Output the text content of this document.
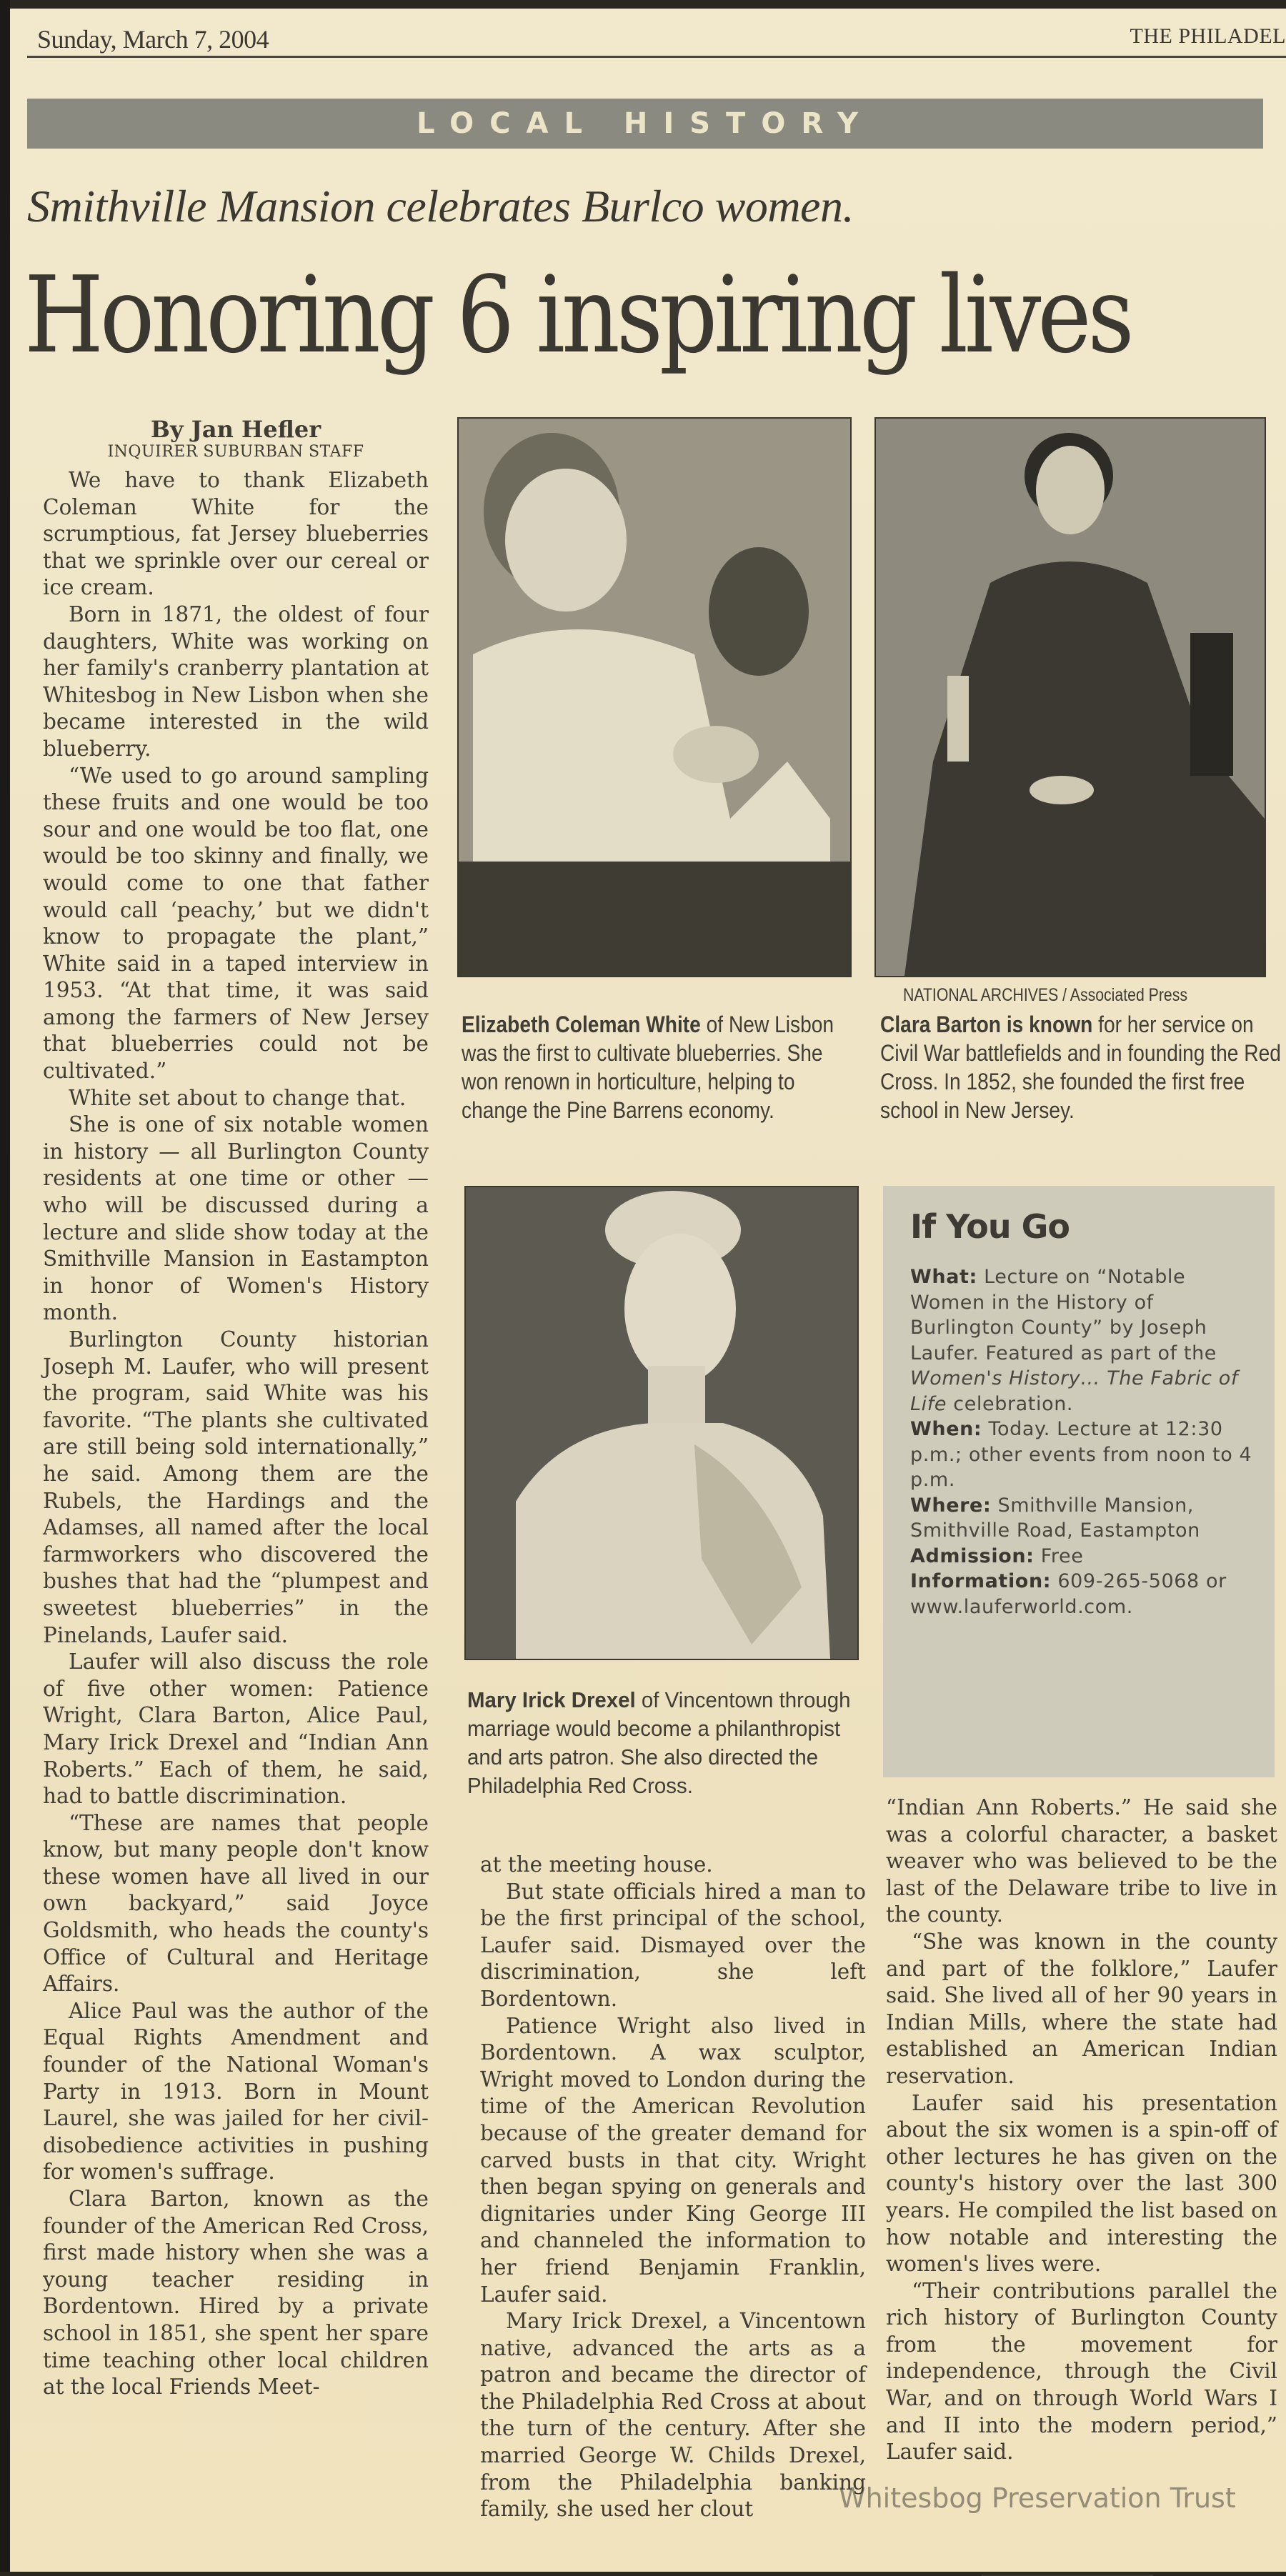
Sunday, March 7, 2004	THE PHILADEL
LOCAL HISTORY
Smithville Mansion celebrates Burlco women.
Honoring 6 inspiring lives
By Jan Hefler
INQUIRER SUBURBAN STAFF

We have to thank Elizabeth Coleman White for the scrumptious, fat Jersey blueberries that we sprinkle over our cereal or ice cream.

Born in 1871, the oldest of four daughters, White was working on her family's cranberry plantation at Whitesbog in New Lisbon when she became interested in the wild blueberry.

“We used to go around sampling these fruits and one would be too sour and one would be too flat, one would be too skinny and finally, we would come to one that father would call ‘peachy,’ but we didn't know to propagate the plant,” White said in a taped interview in 1953. “At that time, it was said among the farmers of New Jersey that blueberries could not be cultivated.”

White set about to change that.

She is one of six notable women in history — all Burlington County residents at one time or other — who will be discussed during a lecture and slide show today at the Smithville Mansion in Eastampton in honor of Women's History month.

Burlington County historian Joseph M. Laufer, who will present the program, said White was his favorite. “The plants she cultivated are still being sold internationally,” he said. Among them are the Rubels, the Hardings and the Adamses, all named after the local farmworkers who discovered the bushes that had the “plumpest and sweetest blueberries” in the Pinelands, Laufer said.

Laufer will also discuss the role of five other women: Patience Wright, Clara Barton, Alice Paul, Mary Irick Drexel and “Indian Ann Roberts.” Each of them, he said, had to battle discrimination.

“These are names that people know, but many people don't know these women have all lived in our own backyard,” said Joyce Goldsmith, who heads the county's Office of Cultural and Heritage Affairs.

Alice Paul was the author of the Equal Rights Amendment and founder of the National Woman's Party in 1913. Born in Mount Laurel, she was jailed for her civil-disobedience activities in pushing for women's suffrage.

Clara Barton, known as the founder of the American Red Cross, first made history when she was a young teacher residing in Bordentown. Hired by a private school in 1851, she spent her spare time teaching other local children at the local Friends Meet-

NATIONAL ARCHIVES / Associated Press
Elizabeth Coleman White of New Lisbon was the first to cultivate blueberries. She won renown in horticulture, helping to change the Pine Barrens economy.
Clara Barton is known for her service on Civil War battlefields and in founding the Red Cross. In 1852, she founded the first free school in New Jersey.
Mary Irick Drexel of Vincentown through marriage would become a philanthropist and arts patron. She also directed the Philadelphia Red Cross.
If You Go
What: Lecture on “Notable Women in the History of Burlington County” by Joseph Laufer. Featured as part of the Women's History… The Fabric of Life celebration.
When: Today. Lecture at 12:30 p.m.; other events from noon to 4 p.m.
Where: Smithville Mansion, Smithville Road, Eastampton
Admission: Free
Information: 609-265-5068 or www.lauferworld.com.

at the meeting house.

But state officials hired a man to be the first principal of the school, Laufer said. Dismayed over the discrimination, she left Bordentown.

Patience Wright also lived in Bordentown. A wax sculptor, Wright moved to London during the time of the American Revolution because of the greater demand for carved busts in that city. Wright then began spying on generals and dignitaries under King George III and channeled the information to her friend Benjamin Franklin, Laufer said.

Mary Irick Drexel, a Vincentown native, advanced the arts as a patron and became the director of the Philadelphia Red Cross at about the turn of the century. After she married George W. Childs Drexel, from the Philadelphia banking family, she used her clout

“Indian Ann Roberts.” He said she was a colorful character, a basket weaver who was believed to be the last of the Delaware tribe to live in the county.

“She was known in the county and part of the folklore,” Laufer said. She lived all of her 90 years in Indian Mills, where the state had established an American Indian reservation.

Laufer said his presentation about the six women is a spin-off of other lectures he has given on the county's history over the last 300 years. He compiled the list based on how notable and interesting the women's lives were.

“Their contributions parallel the rich history of Burlington County from the movement for independence, through the Civil War, and on through World Wars I and II into the modern period,” Laufer said.

Whitesbog Preservation Trust
